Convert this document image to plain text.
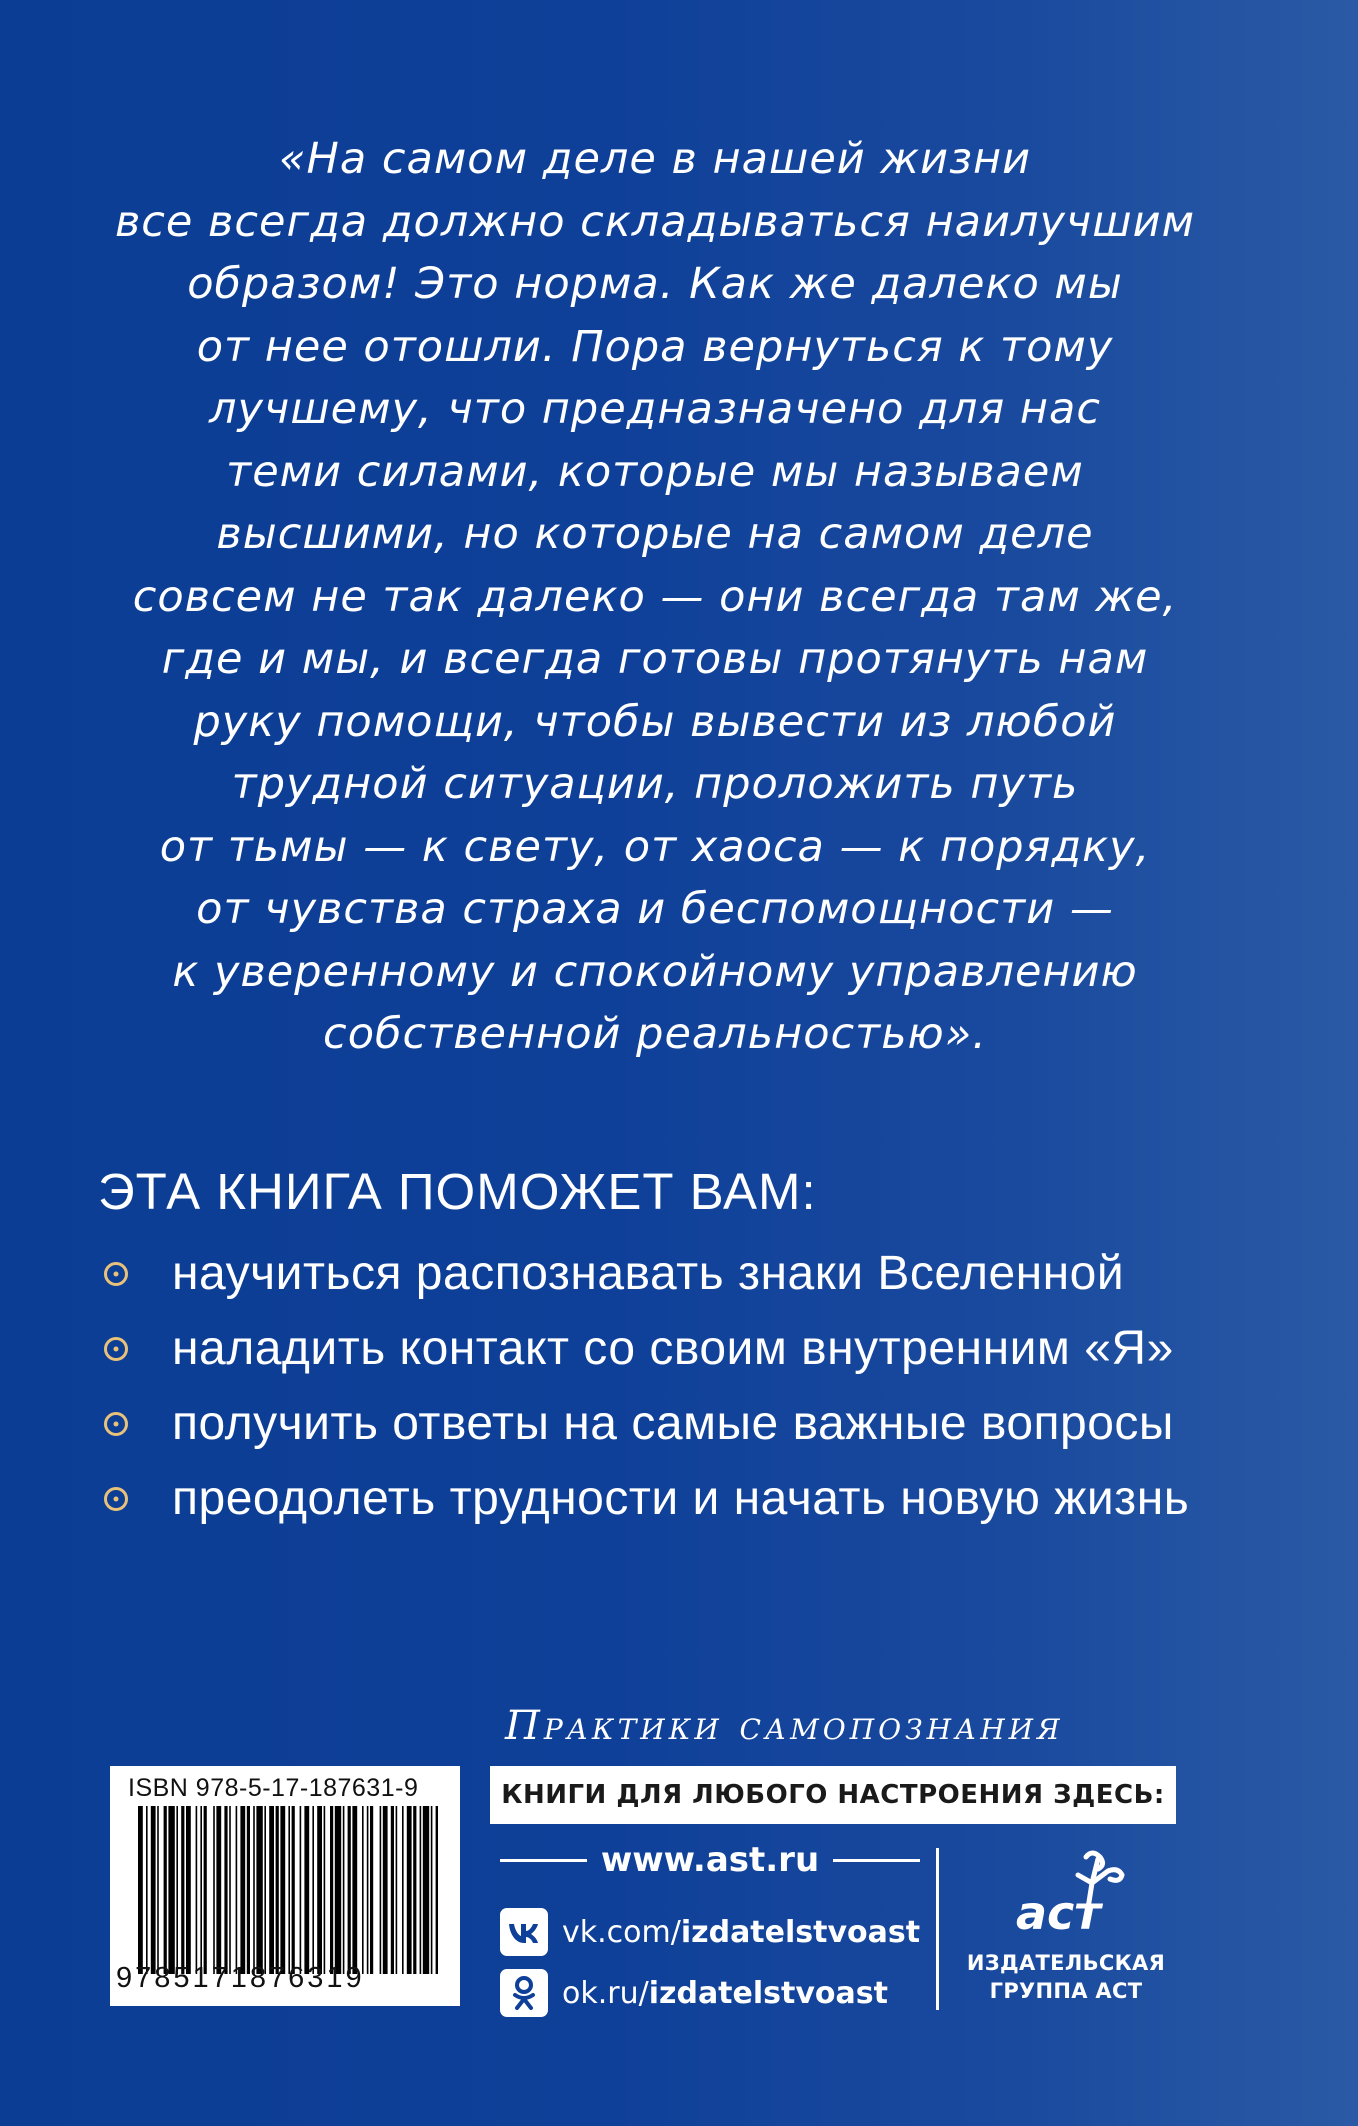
«На самом деле в нашей жизни
все всегда должно складываться наилучшим
образом! Это норма. Как же далеко мы
от нее отошли. Пора вернуться к тому
лучшему, что предназначено для нас
теми силами, которые мы называем
высшими, но которые на самом деле
совсем не так далеко — они всегда там же,
где и мы, и всегда готовы протянуть нам
руку помощи, чтобы вывести из любой
трудной ситуации, проложить путь
от тьмы — к свету, от хаоса — к порядку,
от чувства страха и беспомощности —
к уверенному и спокойному управлению
собственной реальностью».
ЭТА КНИГА ПОМОЖЕТ ВАМ:
научиться распознавать знаки Вселенной
наладить контакт со своим внутренним «Я»
получить ответы на самые важные вопросы
преодолеть трудности и начать новую жизнь
Практики самопознания
ISBN 978-5-17-187631-9
9785171876319
КНИГИ ДЛЯ ЛЮБОГО НАСТРОЕНИЯ ЗДЕСЬ:
www.ast.ru
vk.com/ izdatelstvoast
ok.ru/ izdatelstvoast
аст
ИЗДАТЕЛЬСКАЯ
ГРУППА АСТ
